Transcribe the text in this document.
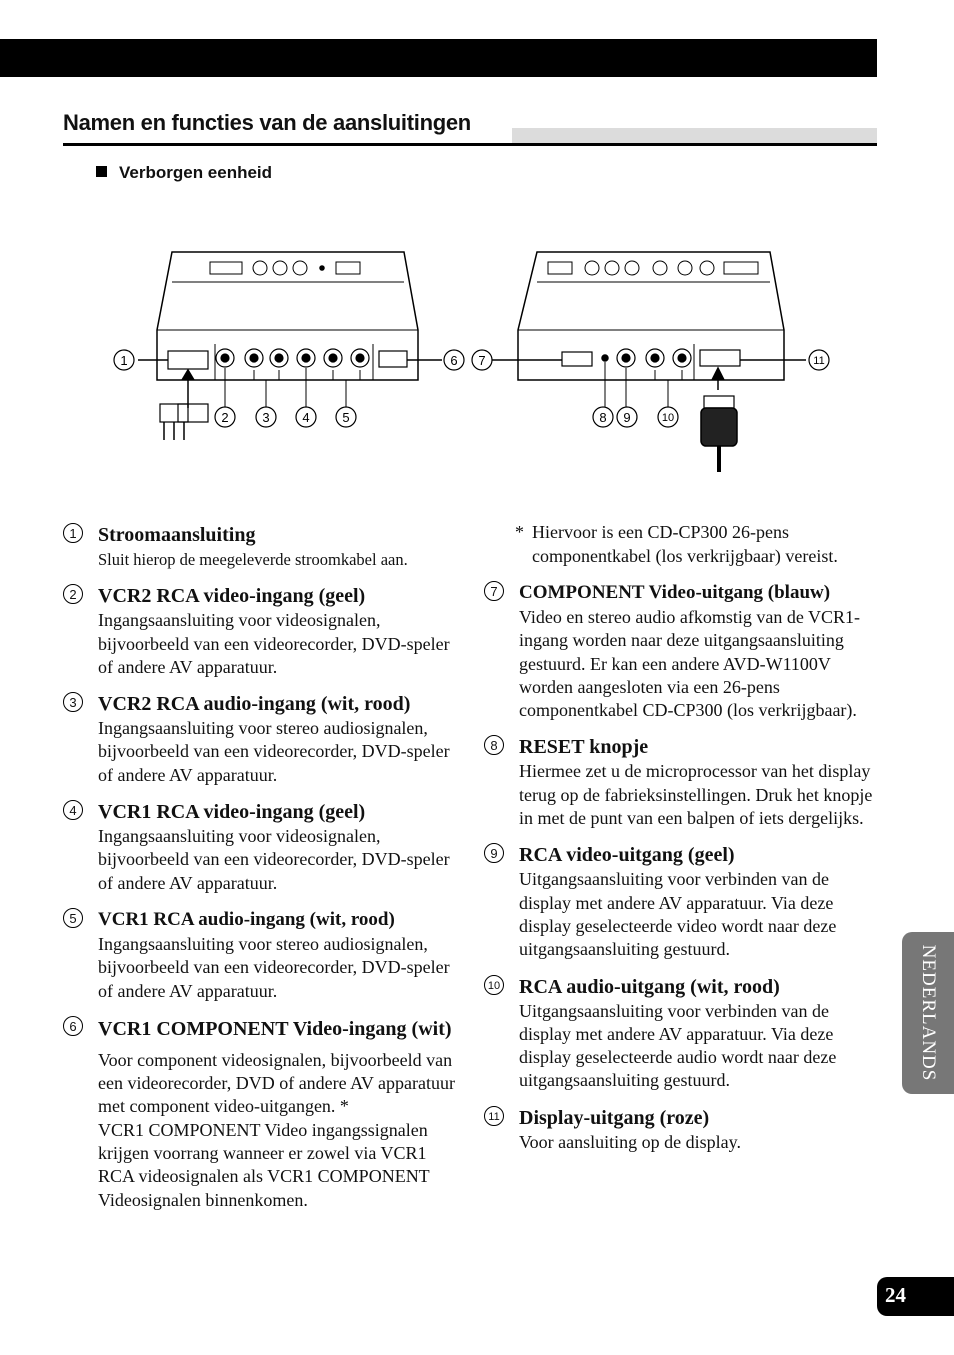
Namen en functies van de aansluitingen
Verborgen eenheid
1
2	3	4	5
6 7
8 9	10
11
1	Stroomaansluiting
Sluit hierop de meegeleverde stroomkabel aan.
2	VCR2 RCA video-ingang (geel)
Ingangsaansluiting voor videosignalen, bijvoorbeeld van een videorecorder, DVD-speler of andere AV apparatuur.
3	VCR2 RCA audio-ingang (wit, rood)
Ingangsaansluiting voor stereo audiosignalen, bijvoorbeeld van een videorecorder, DVD-speler of andere AV apparatuur.
4	VCR1 RCA video-ingang (geel)
Ingangsaansluiting voor videosignalen, bijvoorbeeld van een videorecorder, DVD-speler of andere AV apparatuur.
5	VCR1 RCA audio-ingang (wit, rood)
Ingangsaansluiting voor stereo audiosignalen, bijvoorbeeld van een videorecorder, DVD-speler of andere AV apparatuur.
6	VCR1 COMPONENT Video-ingang (wit)
Voor component videosignalen, bijvoorbeeld van een videorecorder, DVD of andere AV apparatuur met component video-uitgangen. *
VCR1 COMPONENT Video ingangssignalen krijgen voorrang wanneer er zowel via VCR1 RCA videosignalen als VCR1 COMPONENT Videosignalen binnenkomen.
* Hiervoor is een CD-CP300 26-pens componentkabel (los verkrijgbaar) vereist.
7	COMPONENT Video-uitgang (blauw)
Video en stereo audio afkomstig van de VCR1-ingang worden naar deze uitgangsaansluiting gestuurd. Er kan een andere AVD-W1100V worden aangesloten via een 26-pens componentkabel CD-CP300 (los verkrijgbaar).
8	RESET knopje
Hiermee zet u de microprocessor van het display terug op de fabrieksinstellingen. Druk het knopje in met de punt van een balpen of iets dergelijks.
9	RCA video-uitgang (geel)
Uitgangsaansluiting voor verbinden van de display met andere AV apparatuur. Via deze display geselecteerde video wordt naar deze uitgangsaansluiting gestuurd.
10 RCA audio-uitgang (wit, rood)
Uitgangsaansluiting voor verbinden van de display met andere AV apparatuur. Via deze display geselecteerde audio wordt naar deze uitgangsaansluiting gestuurd.
11 Display-uitgang (roze)
Voor aansluiting op de display.
NEDERLANDS
24
